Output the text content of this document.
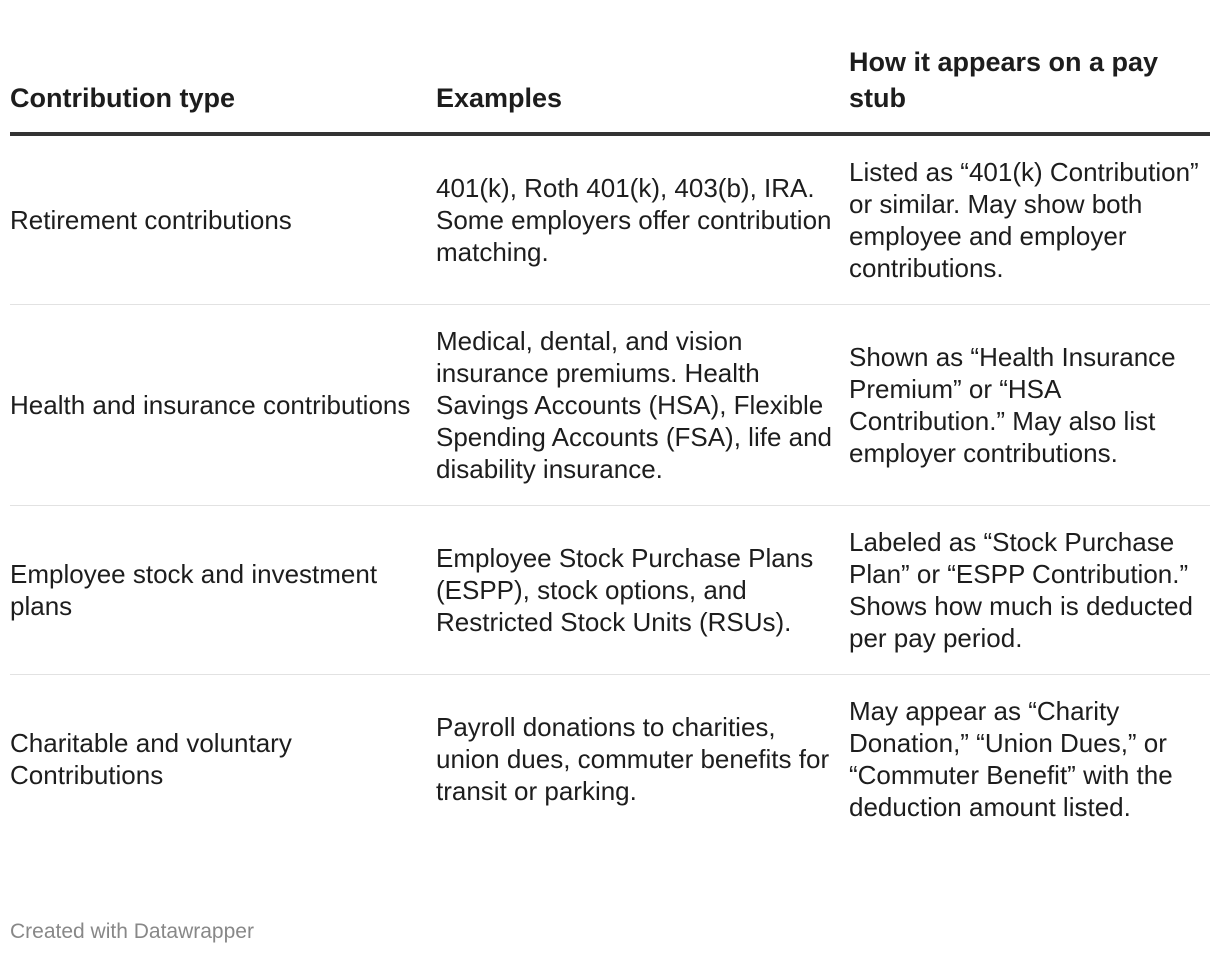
Contribution type	Examples	How it appears on a pay stub
Retirement contributions	401(k), Roth 401(k), 403(b), IRA. Some employers offer contribution matching.	Listed as “401(k) Contribution” or similar. May show both employee and employer contributions.
Health and insurance contributions	Medical, dental, and vision insurance premiums. Health Savings Accounts (HSA), Flexible Spending Accounts (FSA), life and disability insurance.	Shown as “Health Insurance Premium” or “HSA Contribution.” May also list employer contributions.
Employee stock and investment plans	Employee Stock Purchase Plans (ESPP), stock options, and Restricted Stock Units (RSUs).	Labeled as “Stock Purchase Plan” or “ESPP Contribution.” Shows how much is deducted per pay period.
Charitable and voluntary Contributions	Payroll donations to charities, union dues, commuter benefits for transit or parking.	May appear as “Charity Donation,” “Union Dues,” or “Commuter Benefit” with the deduction amount listed.
Created with Datawrapper
